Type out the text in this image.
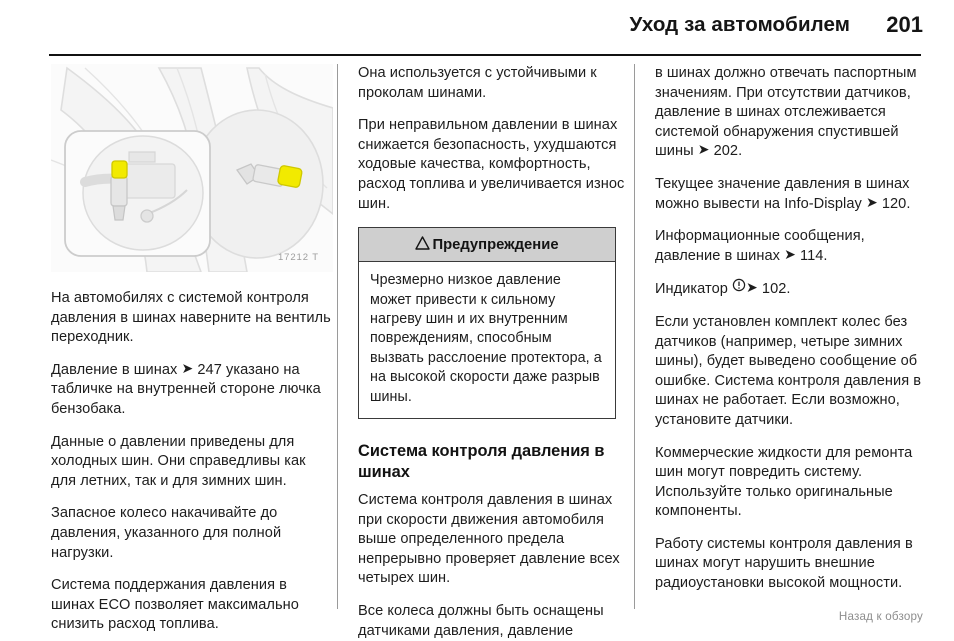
Уход за автомобилем	201
17212 T

На автомобилях с системой контроля давления в шинах наверните на вентиль переходник.

Давление в шинах ➤ 247 указано на табличке на внутренней стороне лючка бензобака.

Данные о давлении приведены для холодных шин. Они справедливы как для летних, так и для зимних шин.

Запасное колесо накачивайте до давления, указанного для полной нагрузки.

Система поддержания давления в шинах ECO позволяет максимально снизить расход топлива.

Она используется с устойчивыми к проколам шинами.

При неправильном давлении в шинах снижается безопасность, ухудшаются ходовые качества, комфортность, расход топлива и увеличивается износ шин.

Предупреждение

Чрезмерно низкое давление может привести к сильному нагреву шин и их внутренним повреждениям, способным вызвать расслоение протектора, а на высокой скорости даже разрыв шины.

Система контроля давления в шинах

Система контроля давления в шинах при скорости движения автомобиля выше определенного предела непрерывно проверяет давление всех четырех шин.

Все колеса должны быть оснащены датчиками давления, давление

в шинах должно отвечать паспортным значениям. При отсутствии датчиков, давление в шинах отслеживается системой обнаружения спустившей шины ➤ 202.

Текущее значение давления в шинах можно вывести на Info-Display ➤ 120.

Информационные сообщения, давление в шинах ➤ 114.

Индикатор ➤ 102.

Если установлен комплект колес без датчиков (например, четыре зимних шины), будет выведено сообщение об ошибке. Система контроля давления в шинах не работает. Если возможно, установите датчики.

Коммерческие жидкости для ремонта шин могут повредить систему. Используйте только оригинальные компоненты.

Работу системы контроля давления в шинах могут нарушить внешние радиоустановки высокой мощности.

Назад к обзору
